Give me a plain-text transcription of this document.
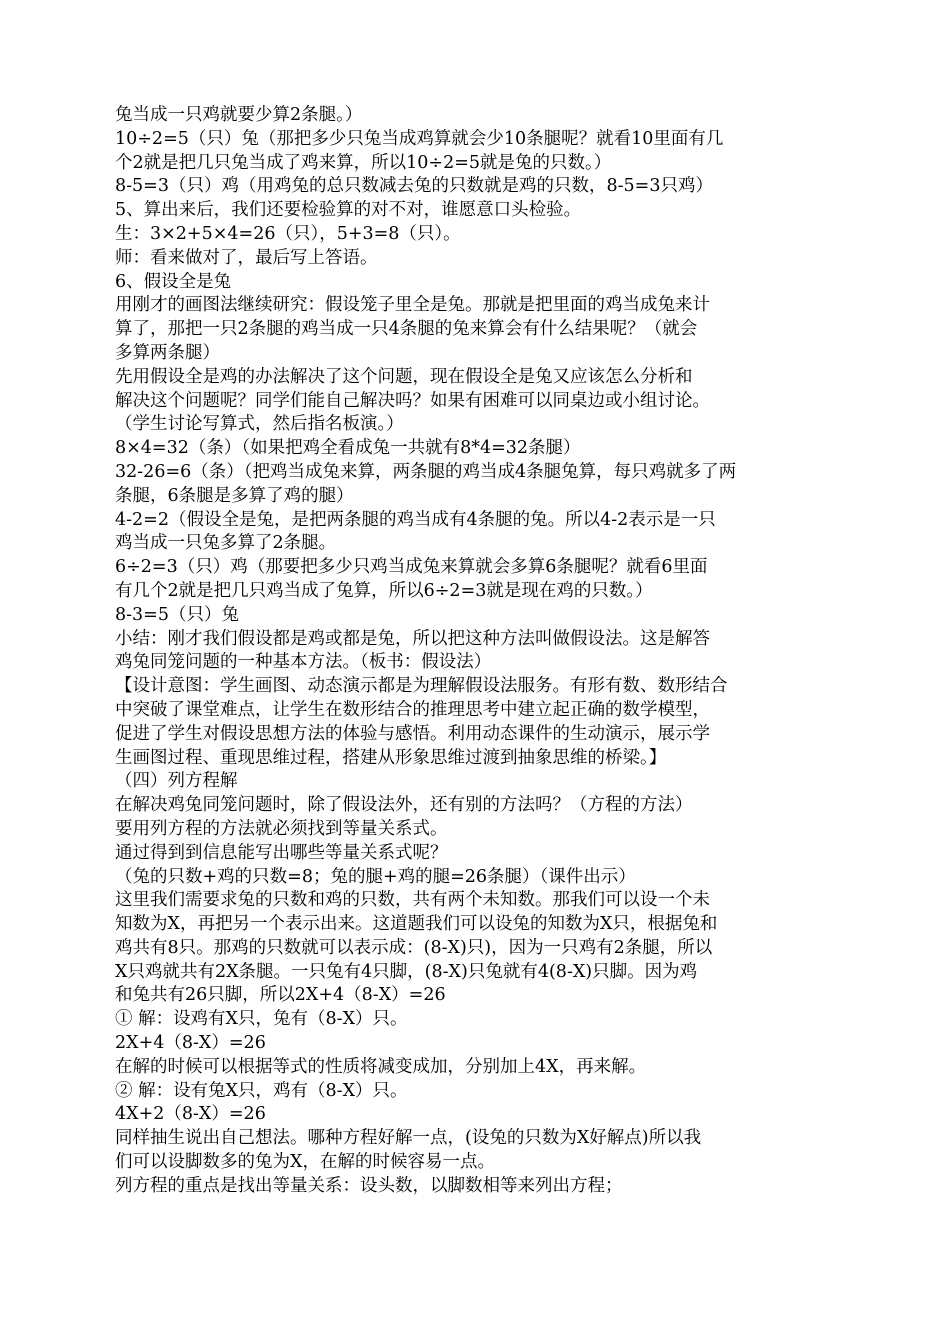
兔当成一只鸡就要少算2条腿。）
10÷2=5（只）兔（那把多少只兔当成鸡算就会少10条腿呢？就看10里面有几
个2就是把几只兔当成了鸡来算，所以10÷2=5就是兔的只数。）
8-5=3（只）鸡（用鸡兔的总只数减去兔的只数就是鸡的只数，8-5=3只鸡）
5、算出来后，我们还要检验算的对不对，谁愿意口头检验。
生：3×2+5×4=26（只），5+3=8（只）。
师：看来做对了，最后写上答语。
6、假设全是兔
用刚才的画图法继续研究：假设笼子里全是兔。那就是把里面的鸡当成兔来计
算了，那把一只2条腿的鸡当成一只4条腿的兔来算会有什么结果呢？（就会
多算两条腿）
先用假设全是鸡的办法解决了这个问题，现在假设全是兔又应该怎么分析和
解决这个问题呢？同学们能自己解决吗？如果有困难可以同桌边或小组讨论。
（学生讨论写算式，然后指名板演。）
8×4=32（条）（如果把鸡全看成兔一共就有8*4=32条腿）
32-26=6（条）（把鸡当成兔来算，两条腿的鸡当成4条腿兔算，每只鸡就多了两
条腿，6条腿是多算了鸡的腿）
4-2=2（假设全是兔，是把两条腿的鸡当成有4条腿的兔。所以4-2表示是一只
鸡当成一只兔多算了2条腿。
6÷2=3（只）鸡（那要把多少只鸡当成兔来算就会多算6条腿呢？就看6里面
有几个2就是把几只鸡当成了兔算，所以6÷2=3就是现在鸡的只数。）
8-3=5（只）兔
小结：刚才我们假设都是鸡或都是兔，所以把这种方法叫做假设法。这是解答
鸡兔同笼问题的一种基本方法。（板书：假设法）
【设计意图：学生画图、动态演示都是为理解假设法服务。有形有数、数形结合
中突破了课堂难点，让学生在数形结合的推理思考中建立起正确的数学模型，
促进了学生对假设思想方法的体验与感悟。利用动态课件的生动演示，展示学
生画图过程、重现思维过程，搭建从形象思维过渡到抽象思维的桥梁。】
（四）列方程解
在解决鸡兔同笼问题时，除了假设法外，还有别的方法吗？（方程的方法）
要用列方程的方法就必须找到等量关系式。
通过得到到信息能写出哪些等量关系式呢？
（兔的只数+鸡的只数=8；兔的腿+鸡的腿=26条腿）（课件出示）
这里我们需要求兔的只数和鸡的只数，共有两个未知数。那我们可以设一个未
知数为X，再把另一个表示出来。这道题我们可以设兔的知数为X只，根据兔和
鸡共有8只。那鸡的只数就可以表示成：(8-X)只)，因为一只鸡有2条腿，所以
X只鸡就共有2X条腿。一只兔有4只脚，(8-X)只兔就有4(8-X)只脚。因为鸡
和兔共有26只脚，所以2X+4（8-X）=26
① 解：设鸡有X只，兔有（8-X）只。
2X+4（8-X）=26
在解的时候可以根据等式的性质将减变成加，分别加上4X，再来解。
② 解：设有兔X只，鸡有（8-X）只。
4X+2（8-X）=26
同样抽生说出自己想法。哪种方程好解一点，(设兔的只数为X好解点)所以我
们可以设脚数多的兔为X，在解的时候容易一点。
列方程的重点是找出等量关系：设头数，以脚数相等来列出方程；
